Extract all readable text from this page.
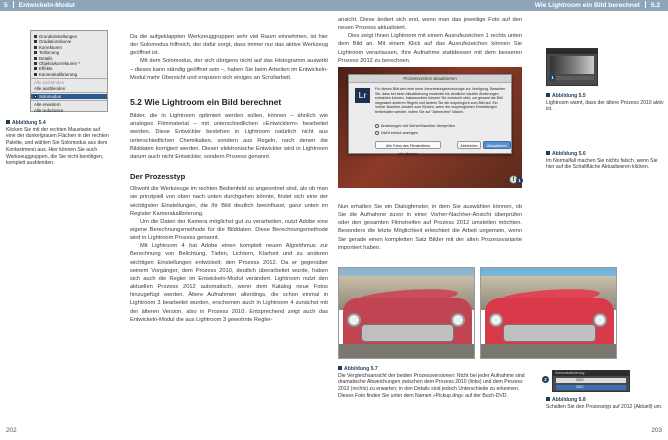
5 Entwickeln-Modul
Grundeinstellungen
Gradationskurve
Korrekturen
Teiltonung
Details
Objektivkorrekturen *
Effekte
Kamerakalibrierung
Alle einblenden
Alle ausblenden
Solomodus
Alle erweitern
Alle reduzieren
Abbildung 5.4
Klicken Sie mit der rechten Maustaste auf eine der dunkelgrauen Flächen in der rechten Palette, und wählen Sie Solomodus aus dem Kontextmenü aus. Hier können Sie auch Werkzeuggruppen, die Sie nicht benötigen, komplett ausblenden.

Da die aufgeklappten Werkzeuggruppen sehr viel Raum einnehmen, ist hier der Solomodus hilfreich, der dafür sorgt, dass immer nur das aktive Werkzeug geöffnet ist.

Mit dem Solomodus, der sich übrigens nicht auf das Histogramm auswirkt – dieses kann ständig geöffnet sein –, haben Sie beim Arbeiten im Entwickeln-Modul mehr Übersicht und ersparen sich einiges an Scrollarbeit.

5.2 Wie Lightroom ein Bild berechnet

Bilder, die in Lightroom optimiert werden sollen, können – ähnlich wie analoges Filmmaterial – mit unterschiedlichen »Entwicklern« bearbeitet werden. Diese Entwickler bestehen in Lightroom natürlich nicht aus unterschiedlichen Chemikalien, sondern aus Regeln, nach denen die Bilddaten korrigiert werden. Dieser elektronische Entwickler wird in Lightroom darum auch nicht Entwickler, sondern Prozess genannt.

Der Prozesstyp

Obwohl die Werkzeuge im rechten Bedienfeld so angeordnet sind, als ob man sie prinzipiell von oben nach unten durchgehen könnte, findet sich eine der wichtigsten Einstellungen, die Ihr Bild deutlich beeinflusst, ganz unten im Register Kamerakalibrierung.

Um die Daten der Kamera möglichst gut zu verarbeiten, nutzt Adobe eine eigene Berechnungsmethode für die Bilddaten. Diese Berechnungsmethode wird in Lightroom Prozess genannt.

Mit Lightroom 4 hat Adobe einen komplett neuen Algorithmus zur Berechnung von Belichtung, Tiefen, Lichtern, Klarheit und zu anderen wichtigen Einstellungen entwickelt: den Prozess 2012. Da er gegenüber seinem Vorgänger, dem Prozess 2010, deutlich überarbeitet wurde, haben sich auch die Regler im Entwickeln-Modul verändert. Lightroom nutzt den aktuellen Prozess 2012 automatisch, wenn dem Katalog neue Fotos hinzugefügt werden. Ältere Aufnahmen allerdings, die schon einmal in Lightroom 3 bearbeitet wurden, erscheinen auch in Lightroom 4 zunächst mit der älteren Version, also in Prozess 2010. Entsprechend zeigt auch das Entwickeln-Modul die aus Lightroom 3 gewohnte Regler-

202
Wie Lightroom ein Bild berechnet 5.2

ansicht. Diese ändert sich erst, wenn man das jeweilige Foto auf den neuen Prozess aktualisiert.

Dies zeigt Ihnen Lightroom mit einem Ausrufezeichen 1 rechts unten dem Bild an. Mit einem Klick auf das Ausrufezeichen können Sie Lightroom veranlassen, Ihre Aufnahme stattdessen mit dem besseren Prozess 2012 zu berechnen.

Prozessversion aktualisieren
Lr
Für dieses Bild wird eine neue Verarbeitungstechnologie zur Verfügung. Beachten Sie, dass bei einer Aktualisierung moderate bis deutliche visuelle Änderungen entstehen können. Insbesondere können Sie eventuell nicht, zur gesamt als Bild insgesamt anderen Regeln und ändern Sie die ursprünglich zum Bild auf. Ein Vorher-Nachher-Ansicht zum Klicken, wenn die ursprünglichen Einstellungen beibehalten werden, indem Sie auf "Abbrechen" klicken.
Änderungen mit Vorher/Nachher überprüfen
Nicht erneut anzeigen
Alle Fotos des Filmstreifens aktualisieren
Abbrechen	Aktualisieren
! 1
1
Abbildung 5.5
Lightroom warnt, dass der ältere Prozess 2010 aktiv ist.
Abbildung 5.6
Im Normalfall machen Sie nichts falsch, wenn Sie hier auf die Schaltfläche Aktualisieren klicken.

Nun erhalten Sie ein Dialogfenster, in dem Sie auswählen können, ob Sie die Aufnahme zuvor in einer Vorher-Nachher-Ansicht überprüfen oder den gesamten Filmstreifen auf Prozess 2012 umstellen möchten. Besonders die letzte Möglichkeit erleichtert die Arbeit ungemein, wenn Sie gerade einen kompletten Satz Bilder mit der alten Prozessvariante importiert haben.

Abbildung 5.7
Die Vergleichsansicht der beiden Prozessversionen: Nicht bei jeder Aufnahme sind dramatische Abweichungen zwischen dem Prozess 2010 (links) und dem Prozess 2012 (rechts) zu erwarten; in den Details sind jedoch Unterschiede zu erkennen. Dieses Foto finden Sie unter dem Namen »Pickup.dng« auf der Buch-DVD.
Kamerakalibrierung
2010
2012
2
Abbildung 5.8
Schalten Sie den Prozesstyp auf 2012 (Aktuell) um.
203
